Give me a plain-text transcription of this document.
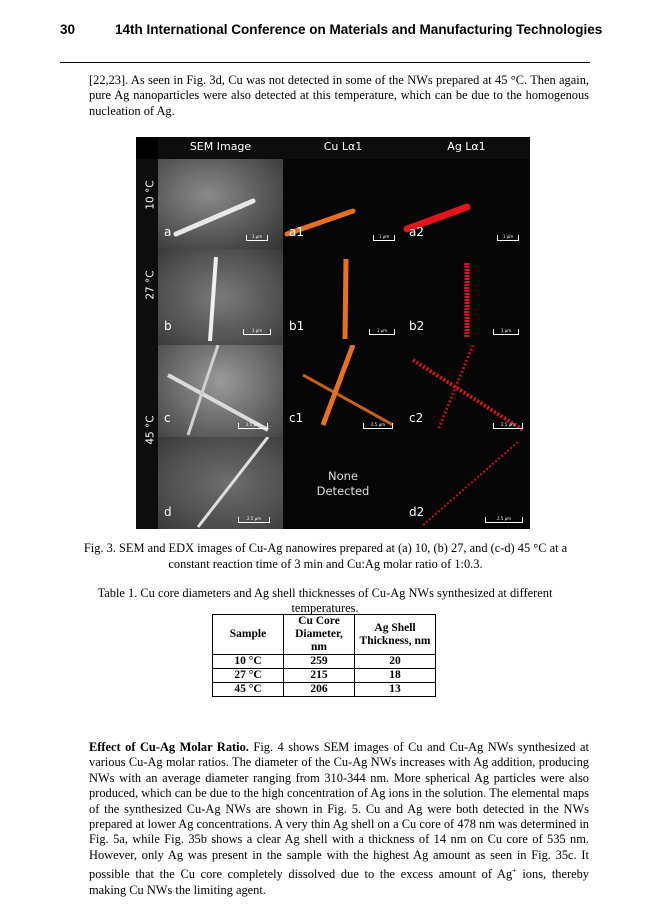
30	14th International Conference on Materials and Manufacturing Technologies
[22,23]. As seen in Fig. 3d, Cu was not detected in some of the NWs prepared at 45 °C. Then again, pure Ag nanoparticles were also detected at this temperature, which can be due to the homogenous nucleation of Ag.
SEM Image	Cu Lα1	Ag Lα1
10 °C
27 °C
45 °C
a	1 μm	a1	1 μm	a2	1 μm
b	1 μm	b1	1 μm	b2	1 μm
c	2.5 μm	c1	2.5 μm	c2	2.5 μm
d	2.5 μm
None
Detected
d2	2.5 μm
Fig. 3. SEM and EDX images of Cu-Ag nanowires prepared at (a) 10, (b) 27, and (c-d) 45 °C at a constant reaction time of 3 min and Cu:Ag molar ratio of 1:0.3.
Table 1. Cu core diameters and Ag shell thicknesses of Cu-Ag NWs synthesized at different temperatures.
Sample	Cu Core Diameter, nm	Ag Shell Thickness, nm
10 °C	259	20
27 °C	215	18
45 °C	206	13
Effect of Cu-Ag Molar Ratio. Fig. 4 shows SEM images of Cu and Cu-Ag NWs synthesized at various Cu-Ag molar ratios. The diameter of the Cu-Ag NWs increases with Ag addition, producing NWs with an average diameter ranging from 310-344 nm. More spherical Ag particles were also produced, which can be due to the high concentration of Ag ions in the solution. The elemental maps of the synthesized Cu-Ag NWs are shown in Fig. 5. Cu and Ag were both detected in the NWs prepared at lower Ag concentrations. A very thin Ag shell on a Cu core of 478 nm was determined in Fig. 5a, while Fig. 35b shows a clear Ag shell with a thickness of 14 nm on Cu core of 535 nm. However, only Ag was present in the sample with the highest Ag amount as seen in Fig. 35c. It possible that the Cu core completely dissolved due to the excess amount of Ag+ ions, thereby making Cu NWs the limiting agent.
